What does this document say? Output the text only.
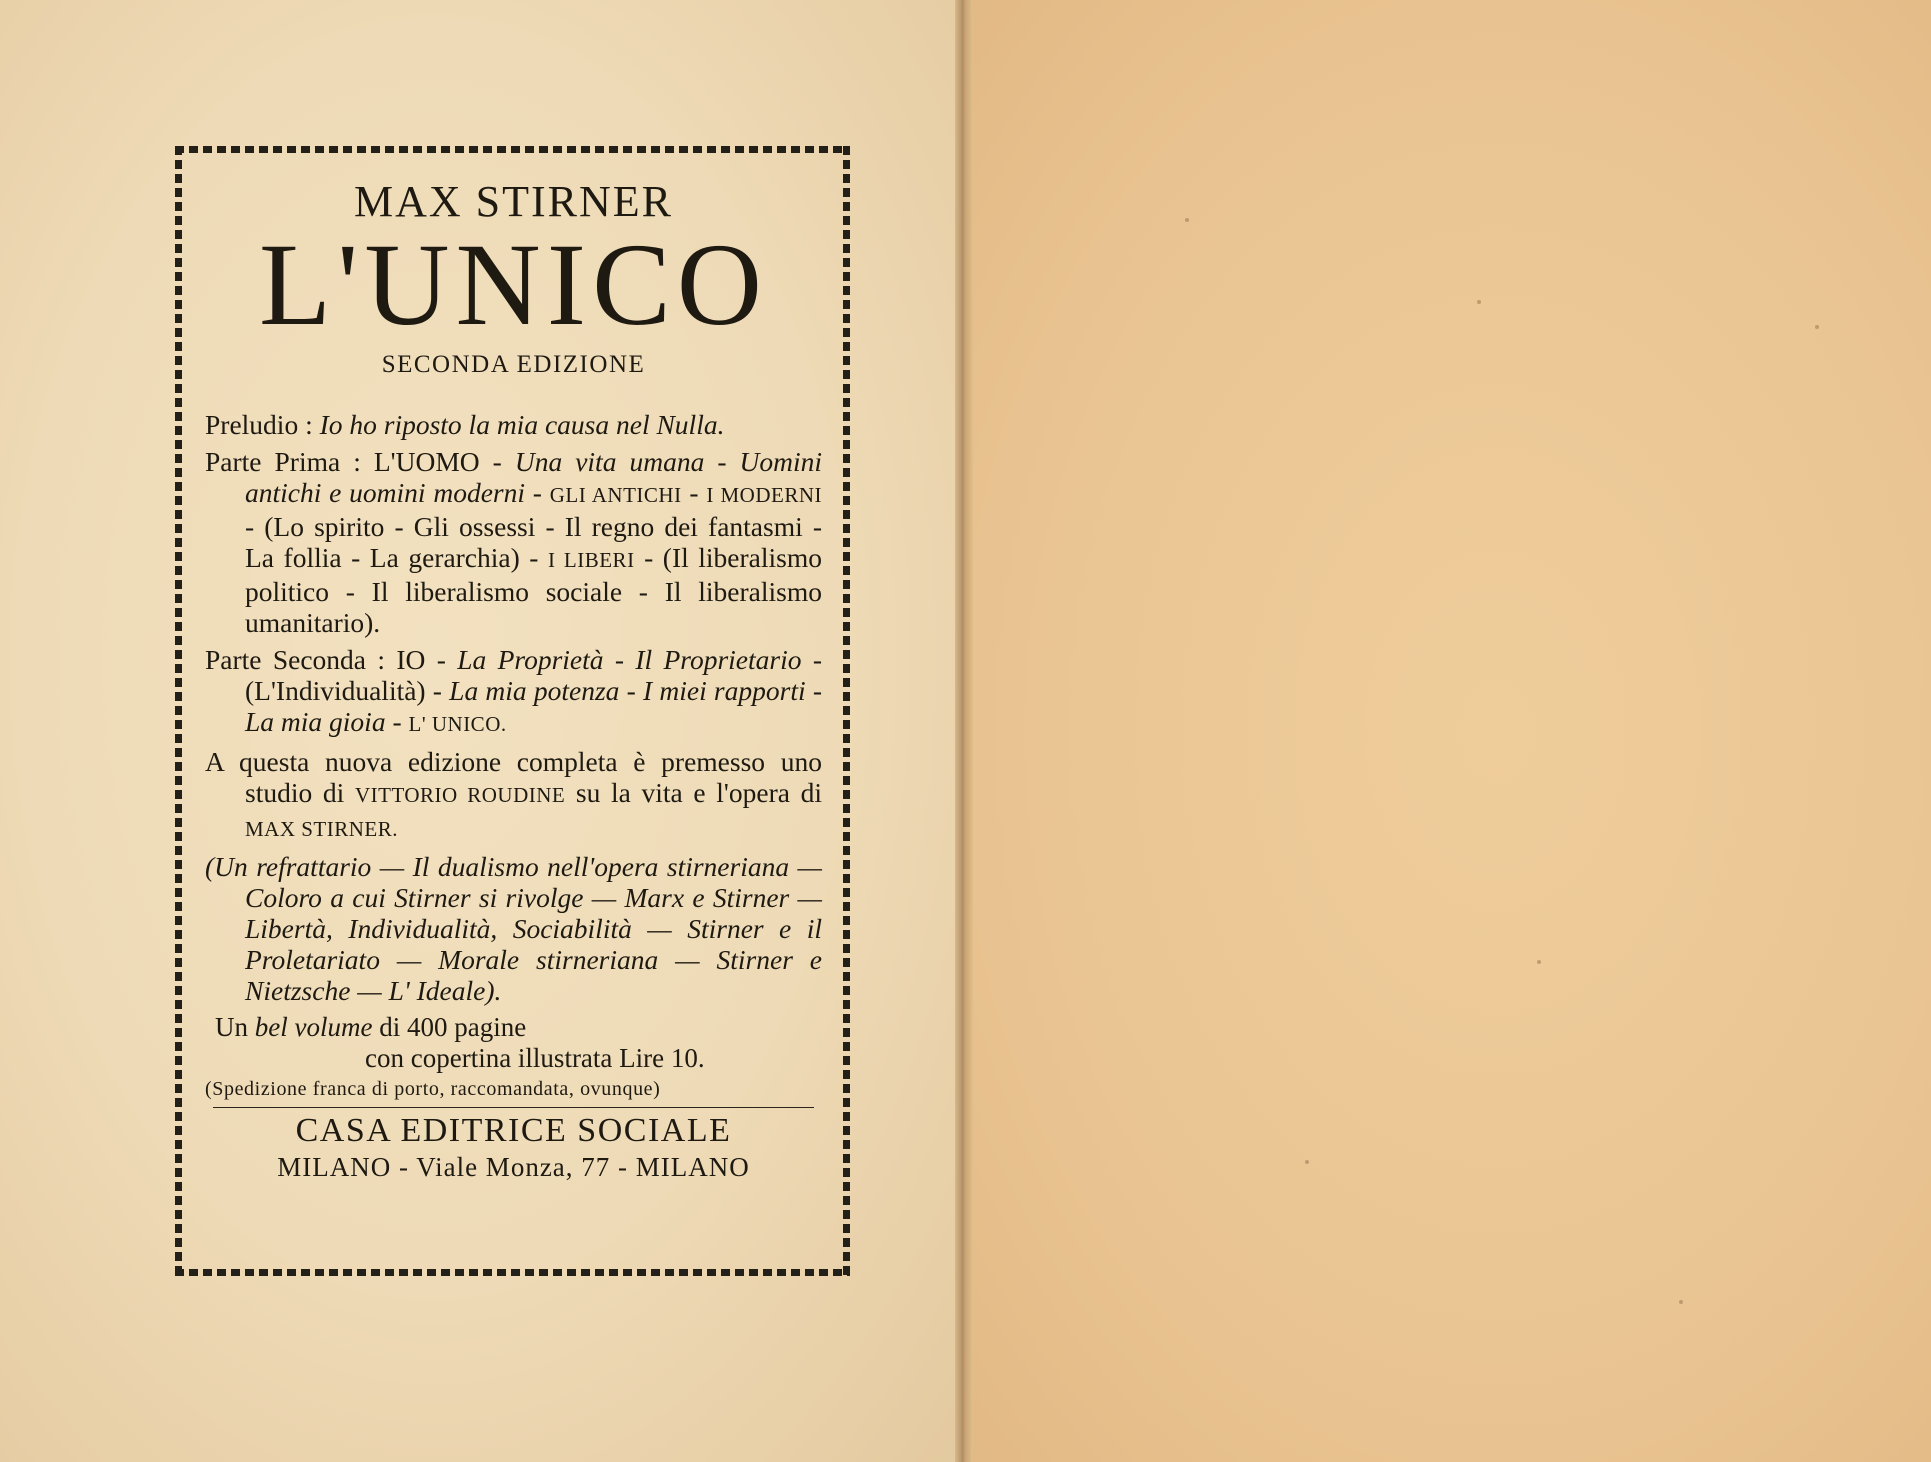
MAX STIRNER
L'UNICO
SECONDA EDIZIONE

Preludio : Io ho riposto la mia causa nel Nulla.

Parte Prima : L'UOMO - Una vita umana - Uomini antichi e uomini moderni - GLI ANTICHI - I MODERNI - (Lo spirito - Gli ossessi - Il regno dei fantasmi - La follia - La gerarchia) - I LIBERI - (Il liberalismo politico - Il liberalismo sociale - Il liberalismo umanitario).

Parte Seconda : IO - La Proprietà - Il Proprietario - (L'Individualità) - La mia potenza - I miei rapporti - La mia gioia - L' UNICO.

A questa nuova edizione completa è premesso uno studio di VITTORIO ROUDINE su la vita e l'opera di MAX STIRNER.

(Un refrattario — Il dualismo nell'opera stirneriana — Coloro a cui Stirner si rivolge — Marx e Stirner — Libertà, Individualità, Sociabilità — Stirner e il Proletariato — Morale stirneriana — Stirner e Nietzsche — L' Ideale).

Un bel volume di 400 pagine
con copertina illustrata Lire 10.
(Spedizione franca di porto, raccomandata, ovunque)
CASA EDITRICE SOCIALE
MILANO - Viale Monza, 77 - MILANO
